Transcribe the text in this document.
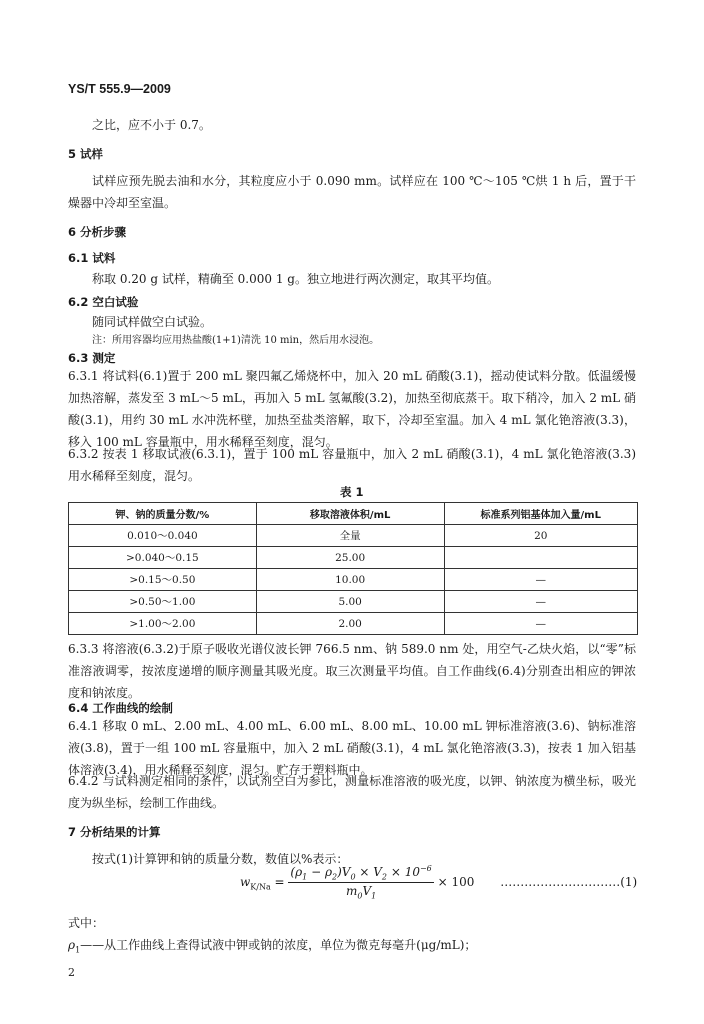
YS/T 555.9—2009
之比，应不小于 0.7。
5 试样
试样应预先脱去油和水分，其粒度应小于 0.090 mm。试样应在 100 ℃～105 ℃烘 1 h 后，置于干燥器中冷却至室温。
6 分析步骤
6.1 试料
称取 0.20 g 试样，精确至 0.000 1 g。独立地进行两次测定，取其平均值。
6.2 空白试验
随同试样做空白试验。
注：所用容器均应用热盐酸(1+1)清洗 10 min，然后用水浸泡。
6.3 测定
6.3.1 将试料(6.1)置于 200 mL 聚四氟乙烯烧杯中，加入 20 mL 硝酸(3.1)，摇动使试料分散。低温缓慢加热溶解，蒸发至 3 mL～5 mL，再加入 5 mL 氢氟酸(3.2)，加热至彻底蒸干。取下稍冷，加入 2 mL 硝酸(3.1)，用约 30 mL 水冲洗杯壁，加热至盐类溶解，取下，冷却至室温。加入 4 mL 氯化铯溶液(3.3)，移入 100 mL 容量瓶中，用水稀释至刻度，混匀。
6.3.2 按表 1 移取试液(6.3.1)，置于 100 mL 容量瓶中，加入 2 mL 硝酸(3.1)，4 mL 氯化铯溶液(3.3)用水稀释至刻度，混匀。
表 1
钾、钠的质量分数/%	移取溶液体积/mL	标准系列铝基体加入量/mL
0.010～0.040	全量	20
>0.040～0.15	25.00	
>0.15～0.50	10.00	—
>0.50～1.00	5.00	—
>1.00～2.00	2.00	—
6.3.3 将溶液(6.3.2)于原子吸收光谱仪波长钾 766.5 nm、钠 589.0 nm 处，用空气-乙炔火焰，以“零”标准溶液调零，按浓度递增的顺序测量其吸光度。取三次测量平均值。自工作曲线(6.4)分别查出相应的钾浓度和钠浓度。
6.4 工作曲线的绘制
6.4.1 移取 0 mL、2.00 mL、4.00 mL、6.00 mL、8.00 mL、10.00 mL 钾标准溶液(3.6)、钠标准溶液(3.8)，置于一组 100 mL 容量瓶中，加入 2 mL 硝酸(3.1)，4 mL 氯化铯溶液(3.3)，按表 1 加入铝基体溶液(3.4)，用水稀释至刻度，混匀。贮存于塑料瓶中。
6.4.2 与试料测定相同的条件，以试剂空白为参比，测量标准溶液的吸光度，以钾、钠浓度为横坐标，吸光度为纵坐标，绘制工作曲线。
7 分析结果的计算
按式(1)计算钾和钠的质量分数，数值以%表示：
$w_{K/Na} = \frac{(\rho_1 - \rho_2)V_0 \times V_2 \times 10^{-6}}{m_0V_1} \times 100$ …………………………(1)
式中：
$\rho_1——$从工作曲线上查得试液中钾或钠的浓度，单位为微克每毫升(μg/mL)；
2
